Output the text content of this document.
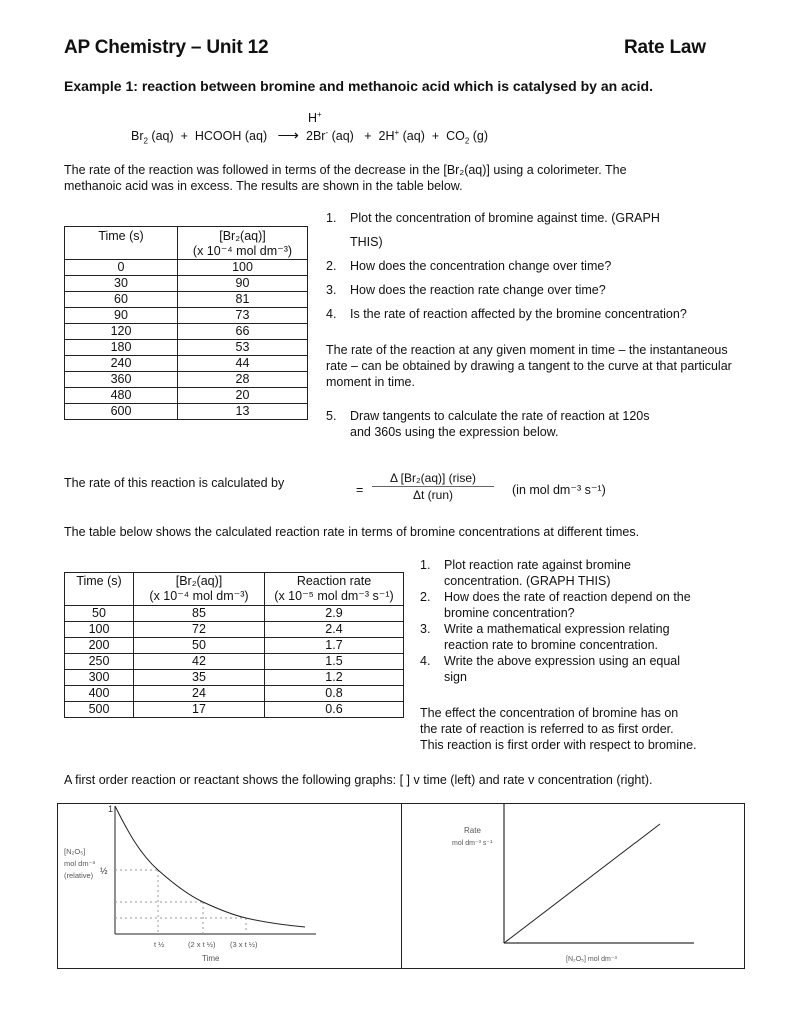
AP Chemistry – Unit 12	Rate Law
Example 1: reaction between bromine and methanoic acid which is catalysed by an acid.
H+
$Br_2$ (aq) + HCOOH (aq) ⟶ 2Br- (aq) + 2H+ $(aq) + CO_2$ (g)
The rate of the reaction was followed in terms of the decrease in the [Br₂(aq)] using a colorimeter. The
methanoic acid was in excess. The results are shown in the table below.
Time (s)	[Br₂(aq)]
(x 10⁻⁴ mol dm⁻³)

0	100
30	90
60	81
90	73
120	66
180	53
240	44
360	28
480	20
600	13
1. Plot the concentration of bromine against time. (GRAPH
THIS)
2. How does the concentration change over time?
3. How does the reaction rate change over time?
4. Is the rate of reaction affected by the bromine concentration?
The rate of the reaction at any given moment in time – the instantaneous rate – can be obtained by drawing a tangent to the curve at that particular moment in time.
5. Draw tangents to calculate the rate of reaction at 120s
and 360s using the expression below.
The rate of this reaction is calculated by	=
Δ [Br₂(aq)] (rise)
Δt (run)	(in mol dm⁻³ s⁻¹)
The table below shows the calculated reaction rate in terms of bromine concentrations at different times.
Time (s)	[Br₂(aq)]
(x 10⁻⁴ mol dm⁻³)

Reaction rate
(x 10⁻⁵ mol dm⁻³ s⁻¹)

50	85	2.9
100	72	2.4
200	50	1.7
250	42	1.5
300	35	1.2
400	24	0.8
500	17	0.6
1. Plot reaction rate against bromine
concentration. (GRAPH THIS)
2. How does the rate of reaction depend on the
bromine concentration?
3. Write a mathematical expression relating
reaction rate to bromine concentration.
4. Write the above expression using an equal
sign
The effect the concentration of bromine has on
the rate of reaction is referred to as first order.
This reaction is first order with respect to bromine.
A first order reaction or reactant shows the following graphs: [ ] v time (left) and rate v concentration (right).
1
½
t ½	(2 x t ½) (3 x t ½)
Time
[N₂O₅]
mol dm⁻³
(relative)
Rate
mol dm⁻³ s⁻¹
[N₂O₅] mol dm⁻³
